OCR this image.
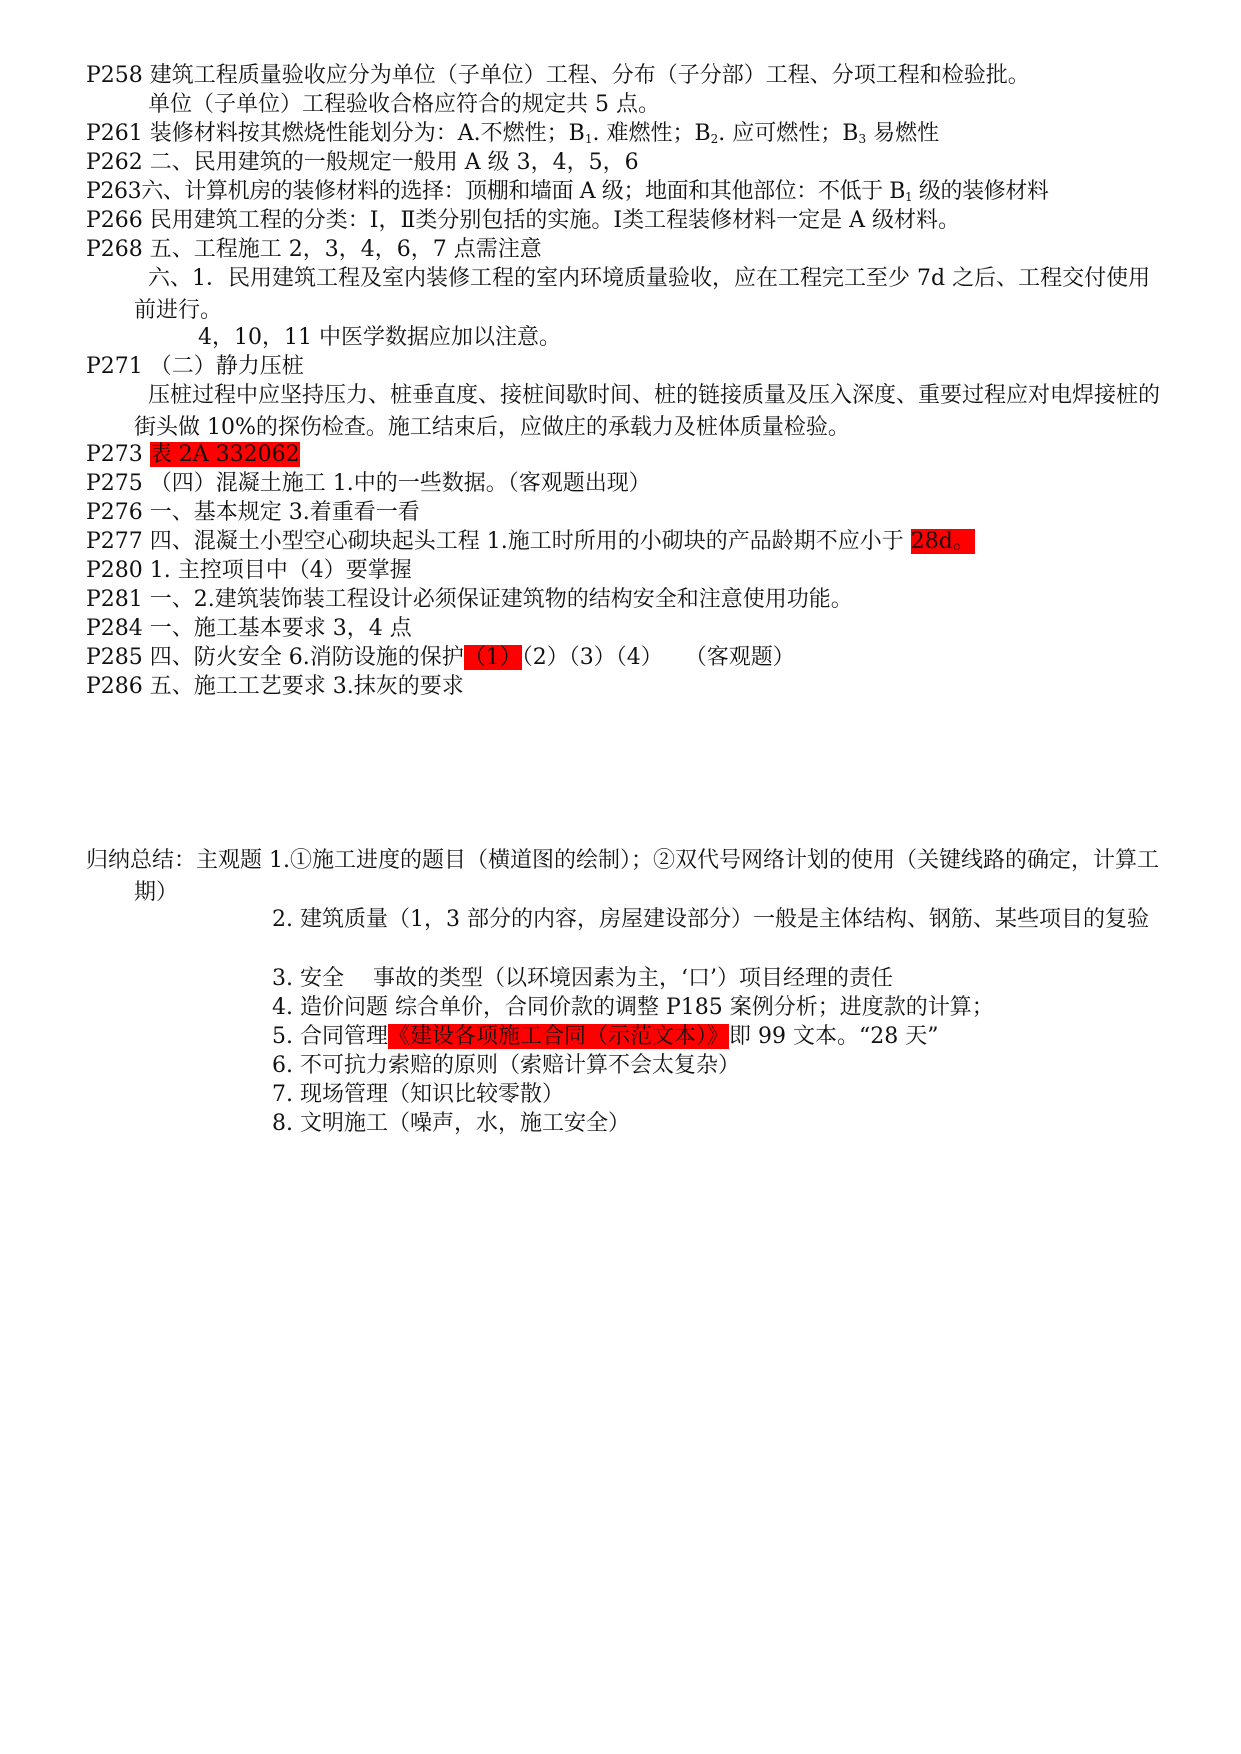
P258 建筑工程质量验收应分为单位（子单位）工程、分布（子分部）工程、分项工程和检验批。
单位（子单位）工程验收合格应符合的规定共 5 点。
P261 装修材料按其燃烧性能划分为：A.不燃性；$B_1$. 难燃性；$B_2$. 应可燃性；$B_3$ 易燃性
P262 二、民用建筑的一般规定一般用 A 级 3，4，5，6
P263六、计算机房的装修材料的选择：顶棚和墙面 A 级；地面和其他部位：不低于 $B_1$ 级的装修材料
P266 民用建筑工程的分类：Ⅰ，Ⅱ类分别包括的实施。Ⅰ类工程装修材料一定是 A 级材料。
P268 五、工程施工 2，3，4，6，7 点需注意
六、1．民用建筑工程及室内装修工程的室内环境质量验收，应在工程完工至少 7d 之后、工程交付使用前进行。
4，10，11 中医学数据应加以注意。
P271 （二）静力压桩
压桩过程中应坚持压力、桩垂直度、接桩间歇时间、桩的链接质量及压入深度、重要过程应对电焊接桩的街头做 10%的探伤检查。施工结束后，应做庄的承载力及桩体质量检验。
P273 表 2A 332062
P275 （四）混凝土施工 1.中的一些数据。（客观题出现）
P276 一、基本规定 3.着重看一看
P277 四、混凝土小型空心砌块起头工程 1.施工时所用的小砌块的产品龄期不应小于 28d。
P280 1. 主控项目中（4）要掌握
P281 一、2.建筑装饰装工程设计必须保证建筑物的结构安全和注意使用功能。
P284 一、施工基本要求 3，4 点
P285 四、防火安全 6.消防设施的保护（1）（2）（3）（4）　　（客观题）
P286 五、施工工艺要求 3.抹灰的要求
归纳总结：主观题 1.①施工进度的题目（横道图的绘制）；②双代号网络计划的使用（关键线路的确定，计算工期）
2. 建筑质量（1，3 部分的内容，房屋建设部分）一般是主体结构、钢筋、某些项目的复验
3. 安全　 事故的类型（以环境因素为主，‘口’）项目经理的责任
4. 造价问题 综合单价，合同价款的调整 P185 案例分析；进度款的计算；
5. 合同管理《建设各项施工合同（示范文本）》即 99 文本。“28 天”
6. 不可抗力索赔的原则（索赔计算不会太复杂）
7. 现场管理（知识比较零散）
8. 文明施工（噪声，水，施工安全）
